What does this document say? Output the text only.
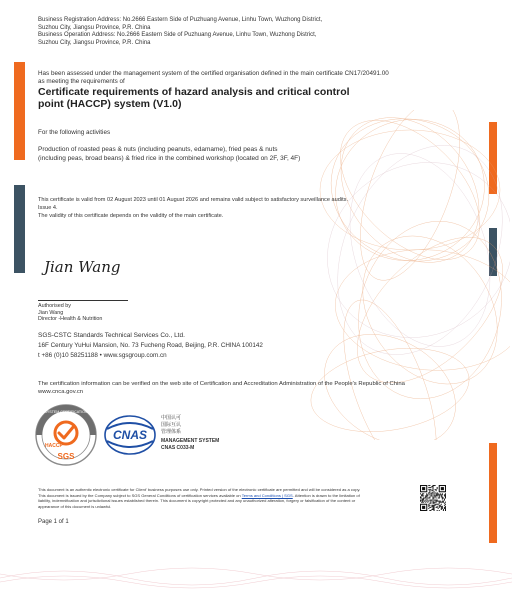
Business Registration Address: No.2666 Eastern Side of Puzhuang Avenue, Linhu Town, Wuzhong District,
Suzhou City, Jiangsu Province, P.R. China
Business Operation Address: No.2666 Eastern Side of Puzhuang Avenue, Linhu Town, Wuzhong District,
Suzhou City, Jiangsu Province, P.R. China
Has been assessed under the management system of the certified organisation defined in the main certificate CN17/20491.00
as meeting the requirements of
Certificate requirements of hazard analysis and critical control
point (HACCP) system (V1.0)
For the following activities
Production of roasted peas & nuts (including peanuts, edamame), fried peas & nuts
(including peas, broad beans) & fried rice in the combined workshop (located on 2F, 3F, 4F)
This certificate is valid from 02 August 2023 until 01 August 2026 and remains valid subject to satisfactory surveillance audits.
Issue 4.
The validity of this certificate depends on the validity of the main certificate.
Jian Wang
Authorised by
Jian Wang
Director -Health & Nutrition
SGS-CSTC Standards Technical Services Co., Ltd.
16F Century YuHui Mansion, No. 73 Fucheng Road, Beijing, P.R. CHINA 100142
t +86 (0)10 58251188 • www.sgsgroup.com.cn
The certification information can be verified on the web site of Certification and Accreditation Administration of the People's Republic of China
www.cnca.gov.cn
SYSTEM CERTIFICATION
HACCP
SGS
CNAS
中国认可
国际互认
管理体系
MANAGEMENT SYSTEM
CNAS C033-M
This document is an authentic electronic certificate for Client' business purposes use only. Printed version of the electronic certificate are permitted and will be considered as a copy.
This document is issued by the Company subject to SGS General Conditions of certification services available on Terms and Conditions | SGS. Attention is drawn to the limitation of
liability, indemnification and jurisdictional issues established therein. This document is copyright protected and any unauthorized alteration, forgery or falsification of the content or
appearance of this document is unlawful.
Page 1 of 1
